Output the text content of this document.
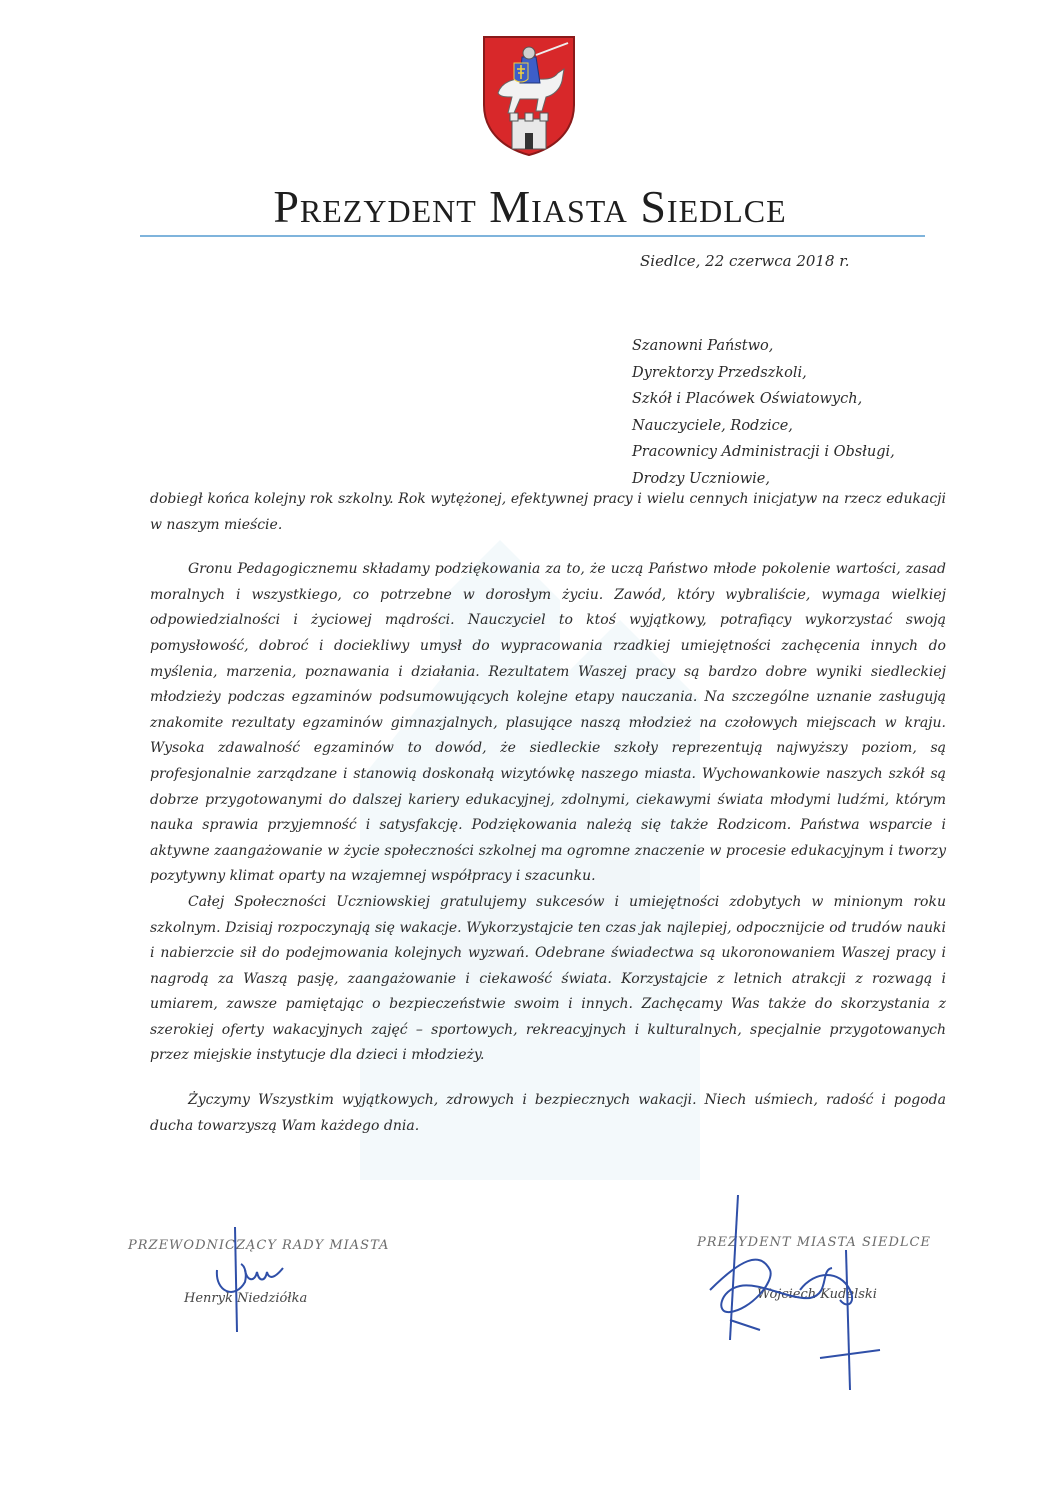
Prezydent Miasta Siedlce
Siedlce, 22 czerwca 2018 r.
Szanowni Państwo,
Dyrektorzy Przedszkoli,
Szkół i Placówek Oświatowych,
Nauczyciele, Rodzice,
Pracownicy Administracji i Obsługi,
Drodzy Uczniowie,

dobiegł końca kolejny rok szkolny. Rok wytężonej, efektywnej pracy i wielu cennych inicjatyw na rzecz edukacji w naszym mieście.

Gronu Pedagogicznemu składamy podziękowania za to, że uczą Państwo młode pokolenie wartości, zasad moralnych i wszystkiego, co potrzebne w dorosłym życiu. Zawód, który wybraliście, wymaga wielkiej odpowiedzialności i życiowej mądrości. Nauczyciel to ktoś wyjątkowy, potrafiący wykorzystać swoją pomysłowość, dobroć i dociekliwy umysł do wypracowania rzadkiej umiejętności zachęcenia innych do myślenia, marzenia, poznawania i działania. Rezultatem Waszej pracy są bardzo dobre wyniki siedleckiej młodzieży podczas egzaminów podsumowujących kolejne etapy nauczania. Na szczególne uznanie zasługują znakomite rezultaty egzaminów gimnazjalnych, plasujące naszą młodzież na czołowych miejscach w kraju. Wysoka zdawalność egzaminów to dowód, że siedleckie szkoły reprezentują najwyższy poziom, są profesjonalnie zarządzane i stanowią doskonałą wizytówkę naszego miasta. Wychowankowie naszych szkół są dobrze przygotowanymi do dalszej kariery edukacyjnej, zdolnymi, ciekawymi świata młodymi ludźmi, którym nauka sprawia przyjemność i satysfakcję. Podziękowania należą się także Rodzicom. Państwa wsparcie i aktywne zaangażowanie w życie społeczności szkolnej ma ogromne znaczenie w procesie edukacyjnym i tworzy pozytywny klimat oparty na wzajemnej współpracy i szacunku.

Całej Społeczności Uczniowskiej gratulujemy sukcesów i umiejętności zdobytych w minionym roku szkolnym. Dzisiaj rozpoczynają się wakacje. Wykorzystajcie ten czas jak najlepiej, odpocznijcie od trudów nauki i nabierzcie sił do podejmowania kolejnych wyzwań. Odebrane świadectwa są ukoronowaniem Waszej pracy i nagrodą za Waszą pasję, zaangażowanie i ciekawość świata. Korzystajcie z letnich atrakcji z rozwagą i umiarem, zawsze pamiętając o bezpieczeństwie swoim i innych. Zachęcamy Was także do skorzystania z szerokiej oferty wakacyjnych zajęć – sportowych, rekreacyjnych i kulturalnych, specjalnie przygotowanych przez miejskie instytucje dla dzieci i młodzieży.

Życzymy Wszystkim wyjątkowych, zdrowych i bezpiecznych wakacji. Niech uśmiech, radość i pogoda ducha towarzyszą Wam każdego dnia.

PRZEWODNICZĄCY RADY MIASTA
Henryk Niedziółka
PREZYDENT MIASTA SIEDLCE
Wojciech Kudelski
